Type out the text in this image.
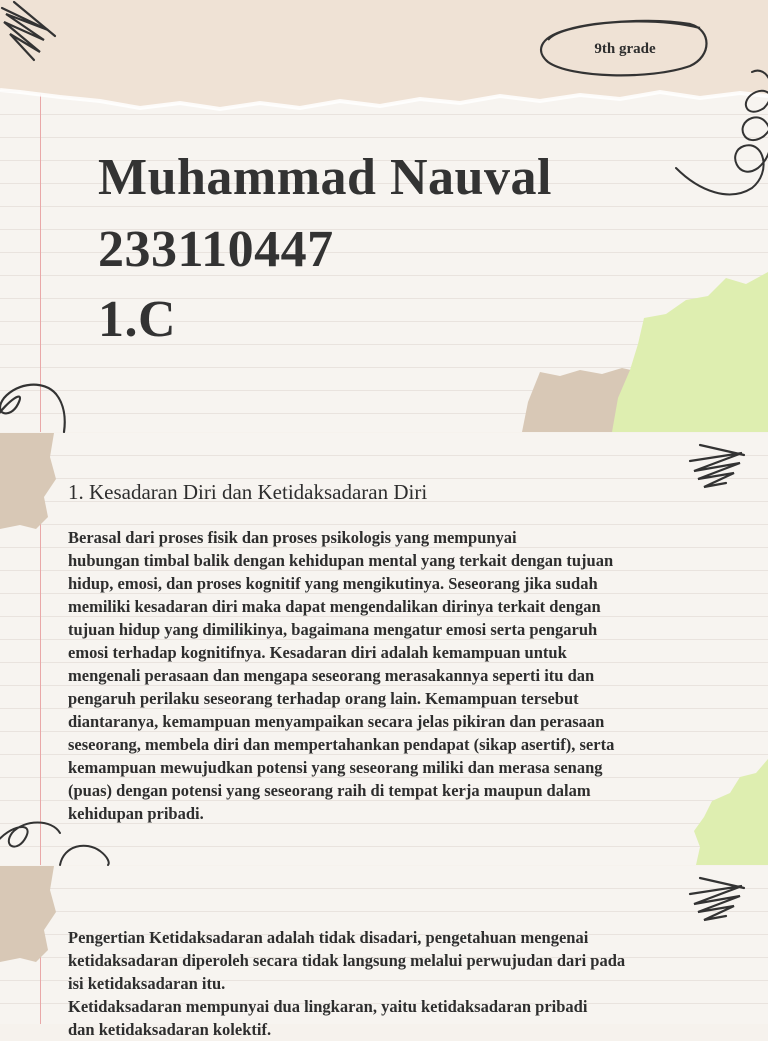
9th grade
Muhammad Nauval
233110447
1.C
1. Kesadaran Diri dan Ketidaksadaran Diri
Berasal dari proses fisik dan proses psikologis yang mempunyai
hubungan timbal balik dengan kehidupan mental yang terkait dengan tujuan
hidup, emosi, dan proses kognitif yang mengikutinya. Seseorang jika sudah
memiliki kesadaran diri maka dapat mengendalikan dirinya terkait dengan
tujuan hidup yang dimilikinya, bagaimana mengatur emosi serta pengaruh
emosi terhadap kognitifnya. Kesadaran diri adalah kemampuan untuk
mengenali perasaan dan mengapa seseorang merasakannya seperti itu dan
pengaruh perilaku seseorang terhadap orang lain. Kemampuan tersebut
diantaranya, kemampuan menyampaikan secara jelas pikiran dan perasaan
seseorang, membela diri dan mempertahankan pendapat (sikap asertif), serta
kemampuan mewujudkan potensi yang seseorang miliki dan merasa senang
(puas) dengan potensi yang seseorang raih di tempat kerja maupun dalam
kehidupan pribadi.
Pengertian Ketidaksadaran adalah tidak disadari, pengetahuan mengenai
ketidaksadaran diperoleh secara tidak langsung melalui perwujudan dari pada
isi ketidaksadaran itu.
Ketidaksadaran mempunyai dua lingkaran, yaitu ketidaksadaran pribadi
dan ketidaksadaran kolektif.
